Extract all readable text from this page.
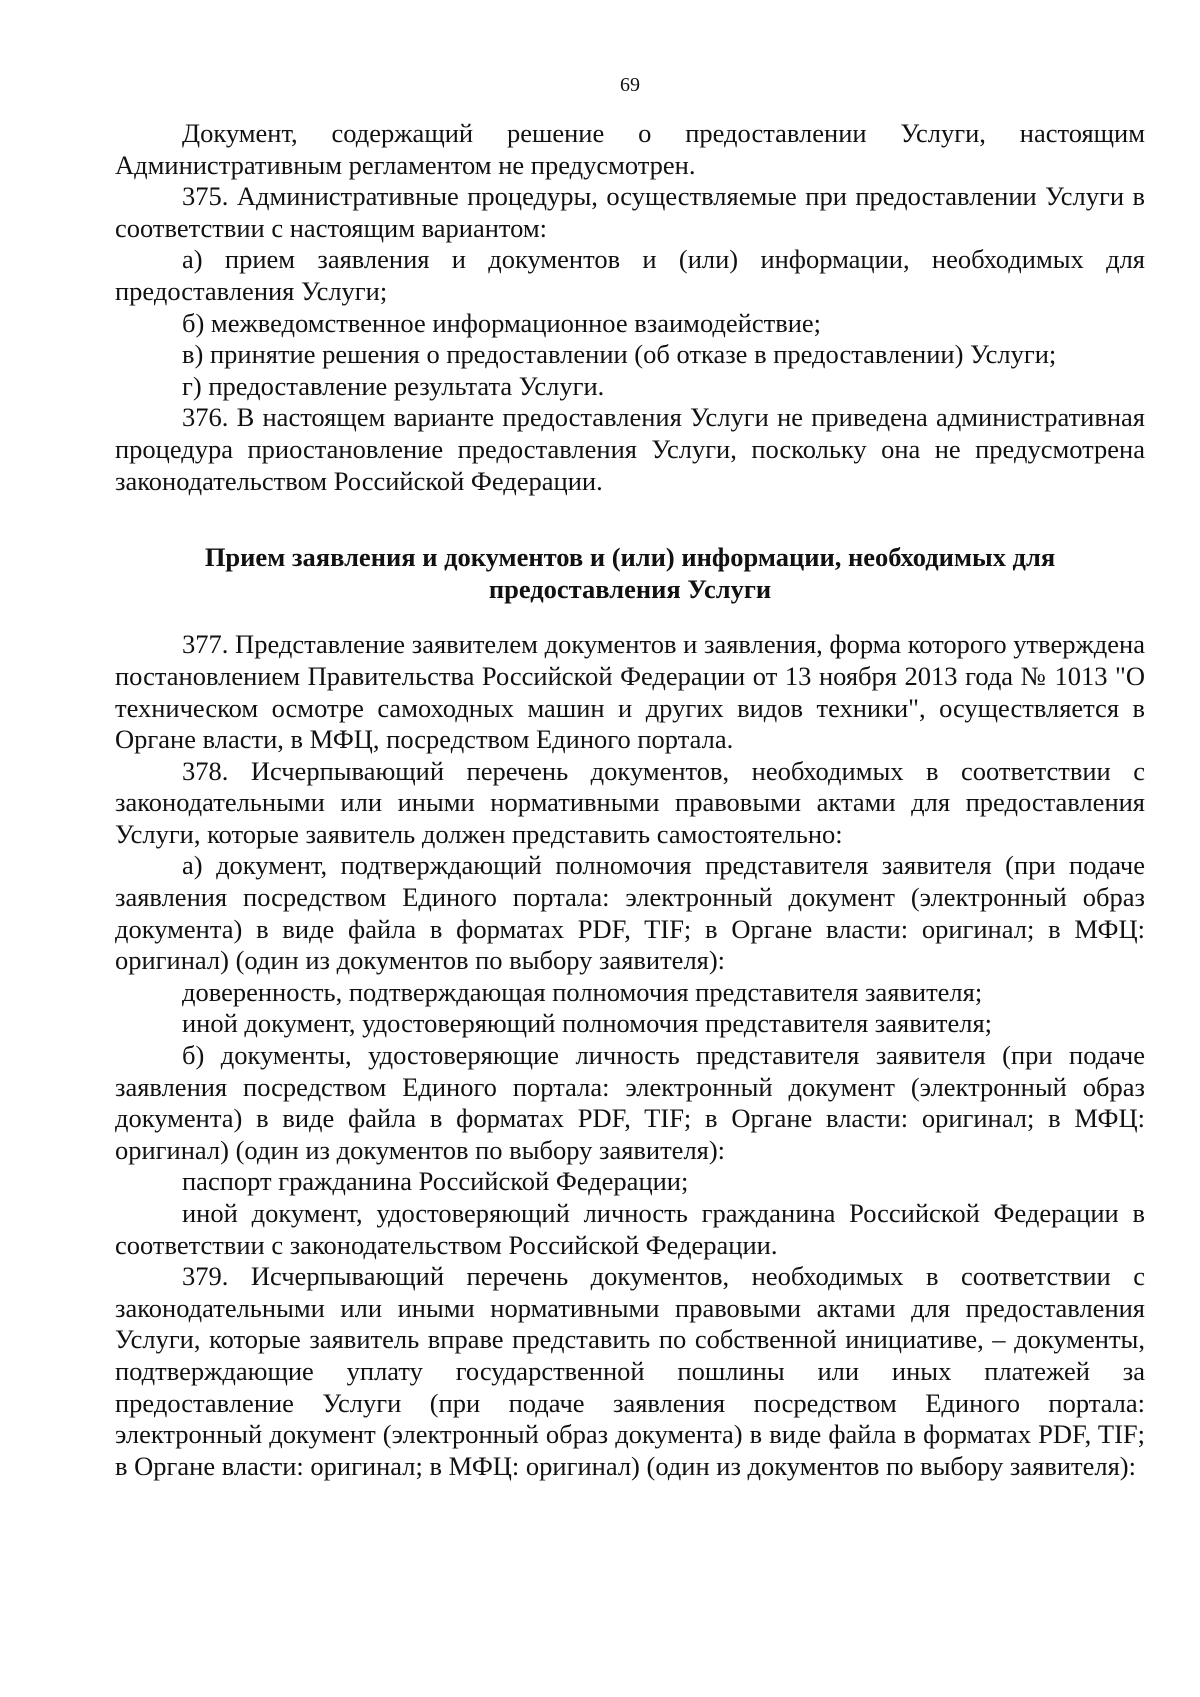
69

Документ, содержащий решение о предоставлении Услуги, настоящим Административным регламентом не предусмотрен.

375. Административные процедуры, осуществляемые при предоставлении Услуги в соответствии с настоящим вариантом:

а) прием заявления и документов и (или) информации, необходимых для предоставления Услуги;

б) межведомственное информационное взаимодействие;

в) принятие решения о предоставлении (об отказе в предоставлении) Услуги;

г) предоставление результата Услуги.

376. В настоящем варианте предоставления Услуги не приведена административная процедура приостановление предоставления Услуги, поскольку она не предусмотрена законодательством Российской Федерации.

Прием заявления и документов и (или) информации, необходимых для предоставления Услуги

377. Представление заявителем документов и заявления, форма которого утверждена постановлением Правительства Российской Федерации от 13 ноября 2013 года № 1013 "О техническом осмотре самоходных машин и других видов техники", осуществляется в Органе власти, в МФЦ, посредством Единого портала.

378. Исчерпывающий перечень документов, необходимых в соответствии с законодательными или иными нормативными правовыми актами для предоставления Услуги, которые заявитель должен представить самостоятельно:

а) документ, подтверждающий полномочия представителя заявителя (при подаче заявления посредством Единого портала: электронный документ (электронный образ документа) в виде файла в форматах PDF, TIF; в Органе власти: оригинал; в МФЦ: оригинал) (один из документов по выбору заявителя):

доверенность, подтверждающая полномочия представителя заявителя;

иной документ, удостоверяющий полномочия представителя заявителя;

б) документы, удостоверяющие личность представителя заявителя (при подаче заявления посредством Единого портала: электронный документ (электронный образ документа) в виде файла в форматах PDF, TIF; в Органе власти: оригинал; в МФЦ: оригинал) (один из документов по выбору заявителя):

паспорт гражданина Российской Федерации;

иной документ, удостоверяющий личность гражданина Российской Федерации в соответствии с законодательством Российской Федерации.

379. Исчерпывающий перечень документов, необходимых в соответствии с законодательными или иными нормативными правовыми актами для предоставления Услуги, которые заявитель вправе представить по собственной инициативе, – документы, подтверждающие уплату государственной пошлины или иных платежей за предоставление Услуги (при подаче заявления посредством Единого портала: электронный документ (электронный образ документа) в виде файла в форматах PDF, TIF; в Органе власти: оригинал; в МФЦ: оригинал) (один из документов по выбору заявителя):
